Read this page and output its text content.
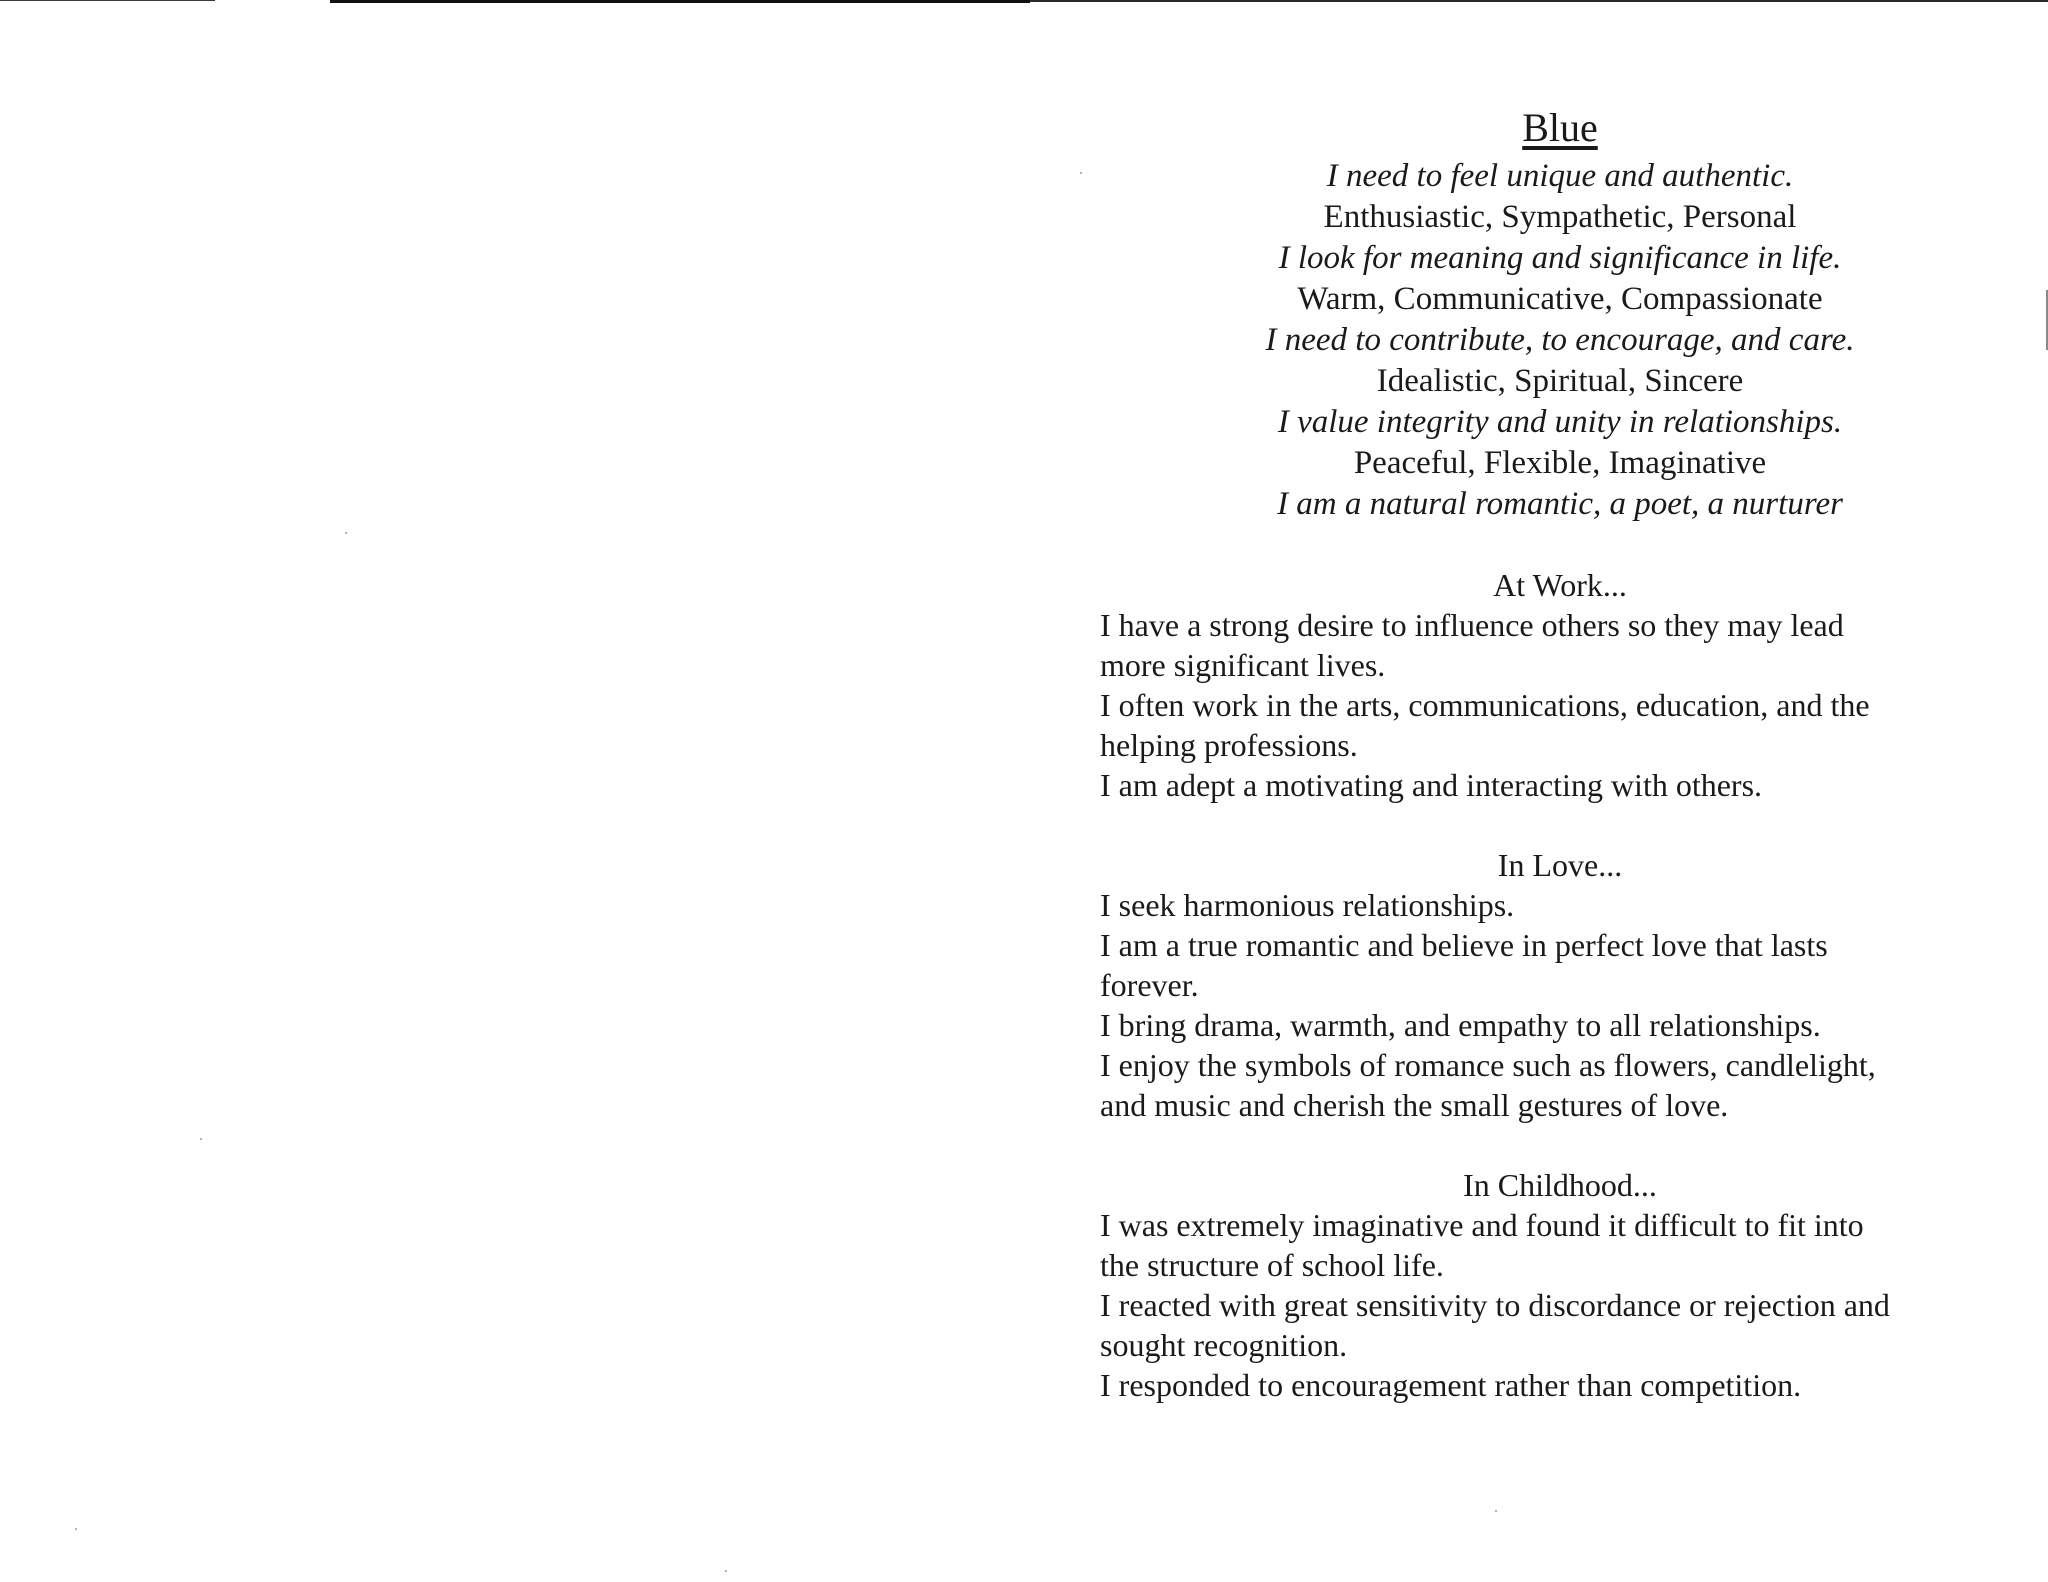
Blue
I need to feel unique and authentic.
Enthusiastic, Sympathetic, Personal
I look for meaning and significance in life.
Warm, Communicative, Compassionate
I need to contribute, to encourage, and care.
Idealistic, Spiritual, Sincere
I value integrity and unity in relationships.
Peaceful, Flexible, Imaginative
I am a natural romantic, a poet, a nurturer
At Work...
I have a strong desire to influence others so they may lead
more significant lives.
I often work in the arts, communications, education, and the
helping professions.
I am adept a motivating and interacting with others.
In Love...
I seek harmonious relationships.
I am a true romantic and believe in perfect love that lasts
forever.
I bring drama, warmth, and empathy to all relationships.
I enjoy the symbols of romance such as flowers, candlelight,
and music and cherish the small gestures of love.
In Childhood...
I was extremely imaginative and found it difficult to fit into
the structure of school life.
I reacted with great sensitivity to discordance or rejection and
sought recognition.
I responded to encouragement rather than competition.
